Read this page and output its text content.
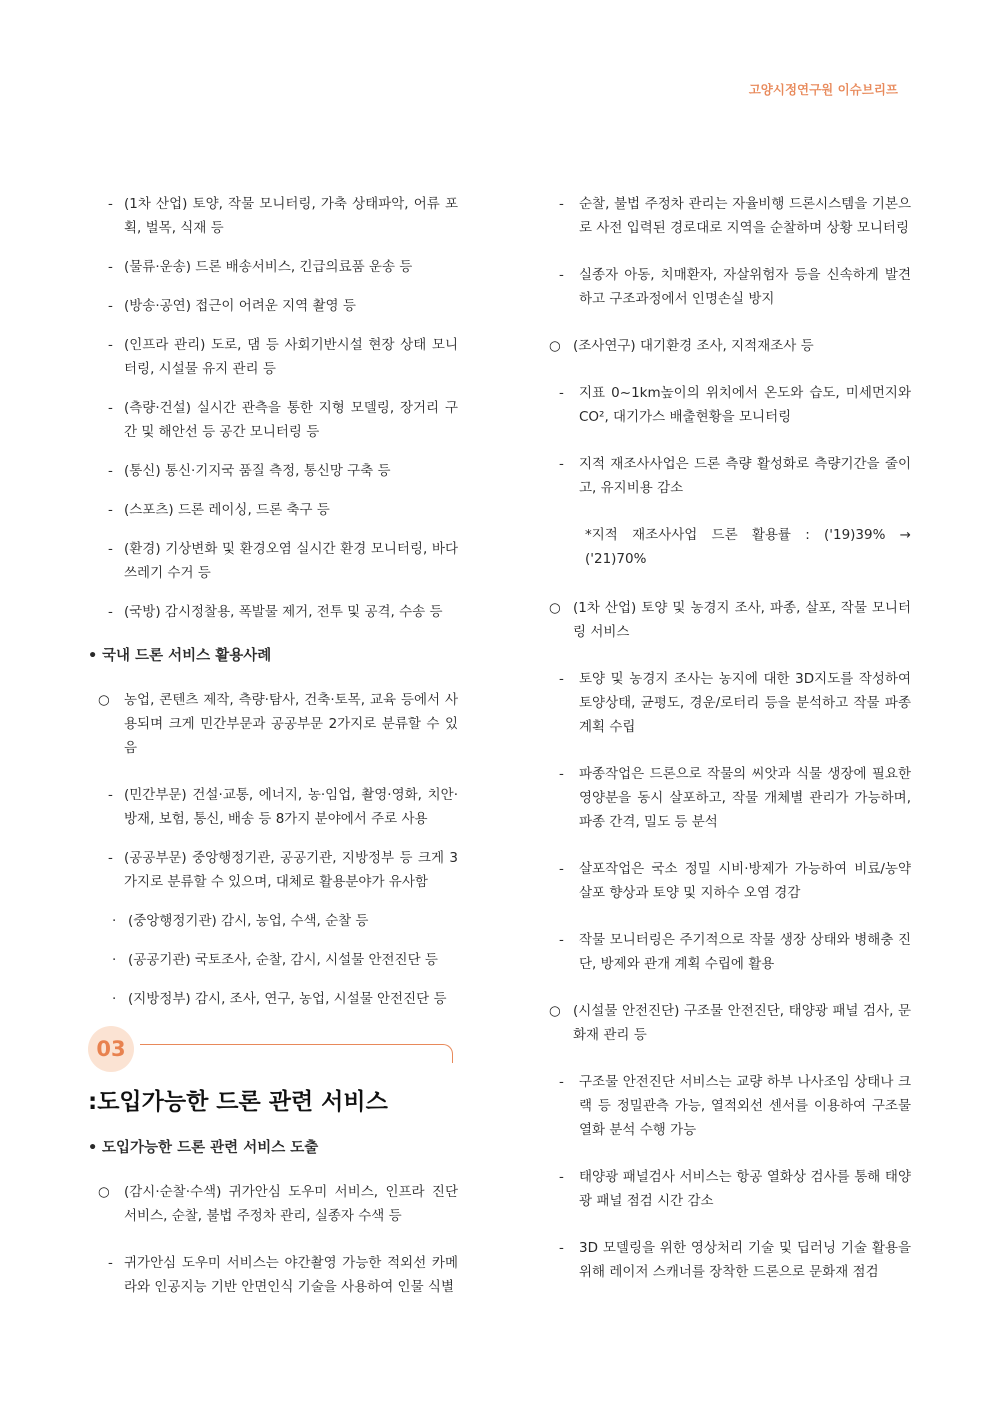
고양시정연구원 이슈브리프
- (1차 산업) 토양, 작물 모니터링, 가축 상태파악, 어류 포획, 벌목, 식재 등
- (물류·운송) 드론 배송서비스, 긴급의료품 운송 등
- (방송·공연) 접근이 어려운 지역 촬영 등
- (인프라 관리) 도로, 댐 등 사회기반시설 현장 상태 모니터링, 시설물 유지 관리 등
- (측량·건설) 실시간 관측을 통한 지형 모델링, 장거리 구간 및 해안선 등 공간 모니터링 등
- (통신) 통신·기지국 품질 측정, 통신망 구축 등
- (스포츠) 드론 레이싱, 드론 축구 등
- (환경) 기상변화 및 환경오염 실시간 환경 모니터링, 바다 쓰레기 수거 등
- (국방) 감시정찰용, 폭발물 제거, 전투 및 공격, 수송 등
• 국내 드론 서비스 활용사례
○ 농업, 콘텐츠 제작, 측량·탐사, 건축·토목, 교육 등에서 사용되며 크게 민간부문과 공공부문 2가지로 분류할 수 있음
- (민간부문) 건설·교통, 에너지, 농·임업, 촬영·영화, 치안·방재, 보험, 통신, 배송 등 8가지 분야에서 주로 사용
- (공공부문) 중앙행정기관, 공공기관, 지방정부 등 크게 3가지로 분류할 수 있으며, 대체로 활용분야가 유사함
· (중앙행정기관) 감시, 농업, 수색, 순찰 등
· (공공기관) 국토조사, 순찰, 감시, 시설물 안전진단 등
· (지방정부) 감시, 조사, 연구, 농업, 시설물 안전진단 등
03
:도입가능한 드론 관련 서비스
• 도입가능한 드론 관련 서비스 도출
○ (감시·순찰·수색) 귀가안심 도우미 서비스, 인프라 진단 서비스, 순찰, 불법 주정차 관리, 실종자 수색 등
- 귀가안심 도우미 서비스는 야간촬영 가능한 적외선 카메라와 인공지능 기반 안면인식 기술을 사용하여 인물 식별
- 순찰, 불법 주정차 관리는 자율비행 드론시스템을 기본으로 사전 입력된 경로대로 지역을 순찰하며 상황 모니터링
- 실종자 아동, 치매환자, 자살위험자 등을 신속하게 발견하고 구조과정에서 인명손실 방지
○ (조사연구) 대기환경 조사, 지적재조사 등
- 지표 0~1km높이의 위치에서 온도와 습도, 미세먼지와 CO², 대기가스 배출현황을 모니터링
- 지적 재조사사업은 드론 측량 활성화로 측량기간을 줄이고, 유지비용 감소
*지적 재조사사업 드론 활용률 : ('19)39% → ('21)70%
○ (1차 산업) 토양 및 농경지 조사, 파종, 살포, 작물 모니터링 서비스
- 토양 및 농경지 조사는 농지에 대한 3D지도를 작성하여 토양상태, 균평도, 경운/로터리 등을 분석하고 작물 파종계획 수립
- 파종작업은 드론으로 작물의 씨앗과 식물 생장에 필요한 영양분을 동시 살포하고, 작물 개체별 관리가 가능하며, 파종 간격, 밀도 등 분석
- 살포작업은 국소 정밀 시비·방제가 가능하여 비료/농약 살포 향상과 토양 및 지하수 오염 경감
- 작물 모니터링은 주기적으로 작물 생장 상태와 병해충 진단, 방제와 관개 계획 수립에 활용
○ (시설물 안전진단) 구조물 안전진단, 태양광 패널 검사, 문화재 관리 등
- 구조물 안전진단 서비스는 교량 하부 나사조임 상태나 크랙 등 정밀관측 가능, 열적외선 센서를 이용하여 구조물 열화 분석 수행 가능
- 태양광 패널검사 서비스는 항공 열화상 검사를 통해 태양광 패널 점검 시간 감소
- 3D 모델링을 위한 영상처리 기술 및 딥러닝 기술 활용을 위해 레이저 스캐너를 장착한 드론으로 문화재 점검
